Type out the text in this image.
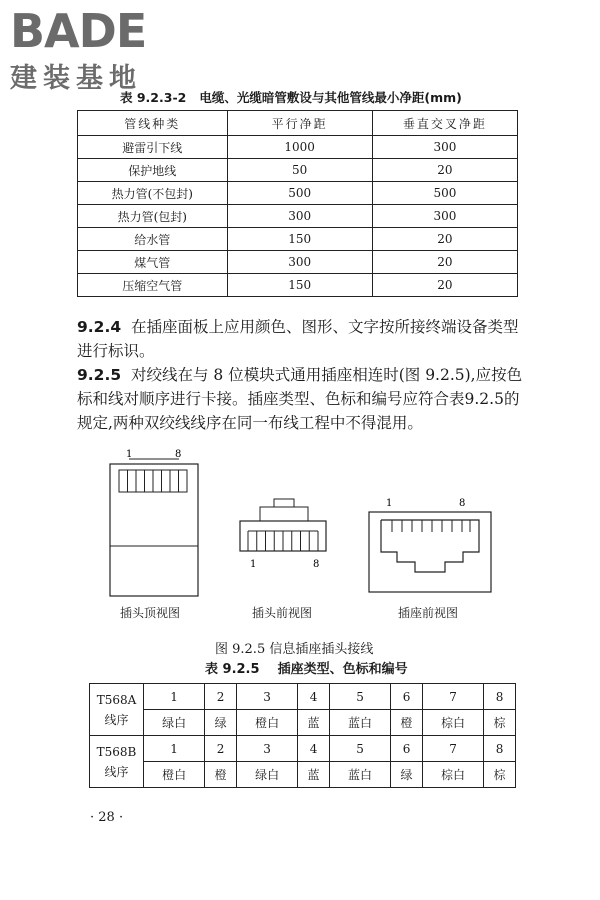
BADE
建装基地
表 9.2.3-2 电缆、光缆暗管敷设与其他管线最小净距(mm)
管线种类	平行净距	垂直交叉净距
避雷引下线	1000	300
保护地线	50	20
热力管(不包封)	500	500
热力管(包封)	300	300
给水管	150	20
煤气管	300	20
压缩空气管	150	20
9.2.4 在插座面板上应用颜色、图形、文字按所接终端设备类型进行标识。
9.2.5 对绞线在与 8 位模块式通用插座相连时(图 9.2.5),应按色标和线对顺序进行卡接。插座类型、色标和编号应符合表9.2.5的规定,两种双绞线线序在同一布线工程中不得混用。
1	8
插头顶视图
1	8
插头前视图
1	8
插座前视图
图 9.2.5 信息插座插头接线
表 9.2.5 插座类型、色标和编号
T568A
线序	1	2	3	4	5	6	7	8
	绿白	绿	橙白	蓝	蓝白	橙	棕白	棕

T568B
线序	1	2	3	4	5	6	7	8
	橙白	橙	绿白	蓝	蓝白	绿	棕白	棕
· 28 ·
